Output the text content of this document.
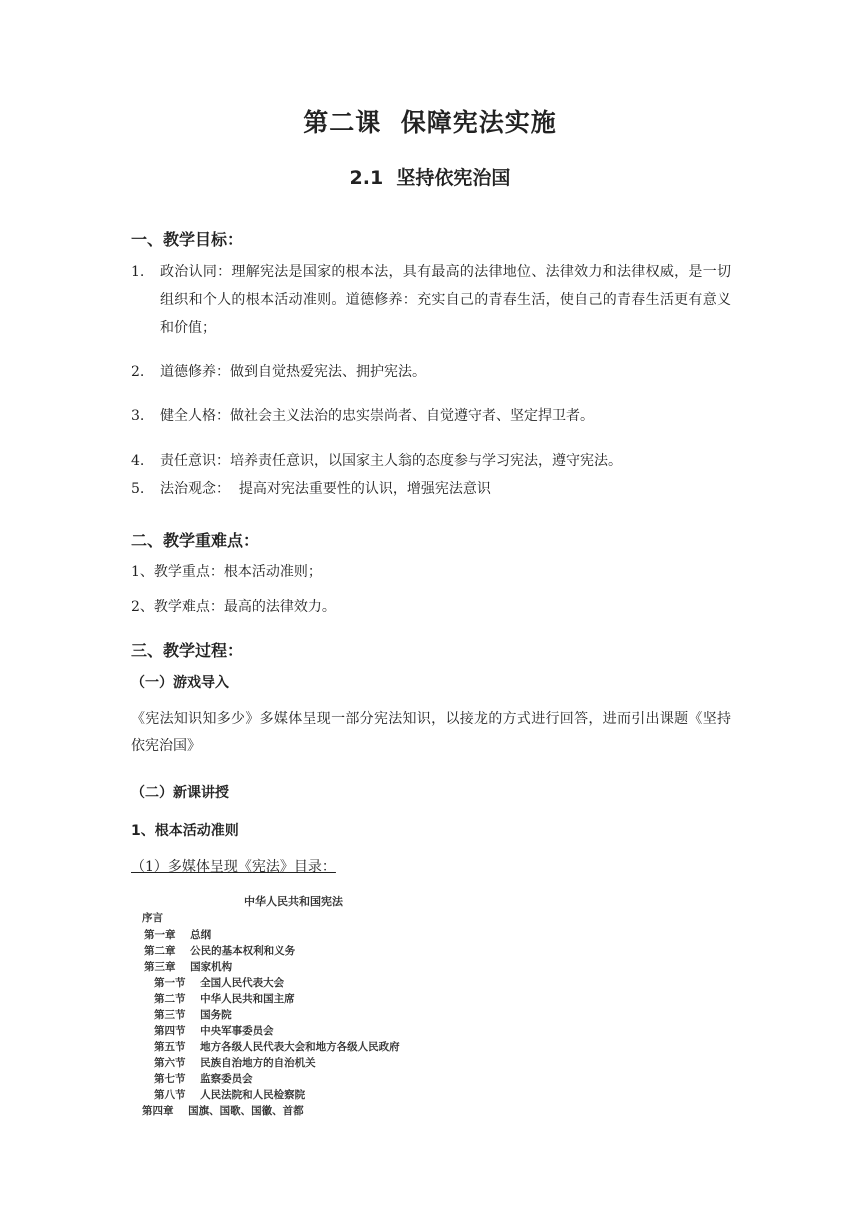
第二课  保障宪法实施
2.1  坚持依宪治国
一、教学目标：
1. 政治认同：理解宪法是国家的根本法，具有最高的法律地位、法律效力和法律权威，是一切组织和个人的根本活动准则。道德修养：充实自己的青春生活，使自己的青春生活更有意义和价值；
2. 道德修养：做到自觉热爱宪法、拥护宪法。
3. 健全人格：做社会主义法治的忠实崇尚者、自觉遵守者、坚定捍卫者。
4. 责任意识：培养责任意识，以国家主人翁的态度参与学习宪法，遵守宪法。
5. 法治观念：  提高对宪法重要性的认识，增强宪法意识
二、教学重难点：
1、教学重点：根本活动准则；
2、教学难点：最高的法律效力。
三、教学过程：
（一）游戏导入
《宪法知识知多少》多媒体呈现一部分宪法知识，以接龙的方式进行回答，进而引出课题《坚持依宪治国》
（二）新课讲授
1、根本活动准则
（1）多媒体呈现《宪法》目录：
中华人民共和国宪法
序言
第一章    总纲
第二章    公民的基本权利和义务
第三章    国家机构
第一节    全国人民代表大会
第二节    中华人民共和国主席
第三节    国务院
第四节    中央军事委员会
第五节    地方各级人民代表大会和地方各级人民政府
第六节    民族自治地方的自治机关
第七节    监察委员会
第八节    人民法院和人民检察院
第四章    国旗、国歌、国徽、首都
